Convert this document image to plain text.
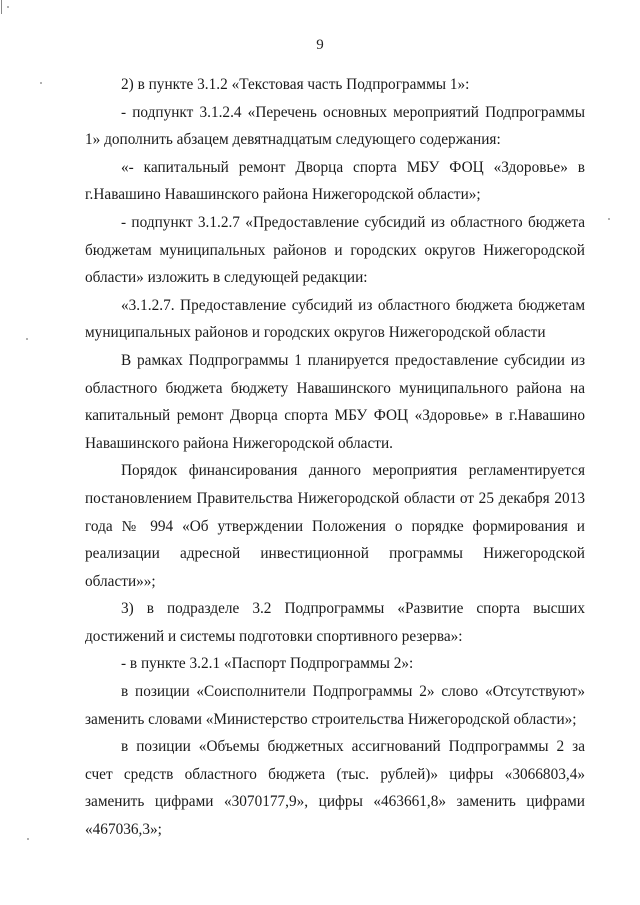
9

2) в пункте 3.1.2 «Текстовая часть Подпрограммы 1»:

- подпункт 3.1.2.4 «Перечень основных мероприятий Подпрограммы 1» дополнить абзацем девятнадцатым следующего содержания:

«- капитальный ремонт Дворца спорта МБУ ФОЦ «Здоровье» в г.Навашино Навашинского района Нижегородской области»;

- подпункт 3.1.2.7 «Предоставление субсидий из областного бюджета бюджетам муниципальных районов и городских округов Нижегородской области» изложить в следующей редакции:

«3.1.2.7. Предоставление субсидий из областного бюджета бюджетам муниципальных районов и городских округов Нижегородской области

В рамках Подпрограммы 1 планируется предоставление субсидии из областного бюджета бюджету Навашинского муниципального района на капитальный ремонт Дворца спорта МБУ ФОЦ «Здоровье» в г.Навашино Навашинского района Нижегородской области.

Порядок финансирования данного мероприятия регламентируется постановлением Правительства Нижегородской области от 25 декабря 2013 года № 994 «Об утверждении Положения о порядке формирования и реализации адресной инвестиционной программы Нижегородской области»»;

3) в подразделе 3.2 Подпрограммы «Развитие спорта высших достижений и системы подготовки спортивного резерва»:

- в пункте 3.2.1 «Паспорт Подпрограммы 2»:

в позиции «Соисполнители Подпрограммы 2» слово «Отсутствуют» заменить словами «Министерство строительства Нижегородской области»;

в позиции «Объемы бюджетных ассигнований Подпрограммы 2 за счет средств областного бюджета (тыс. рублей)» цифры «3066803,4» заменить цифрами «3070177,9», цифры «463661,8» заменить цифрами «467036,3»;
